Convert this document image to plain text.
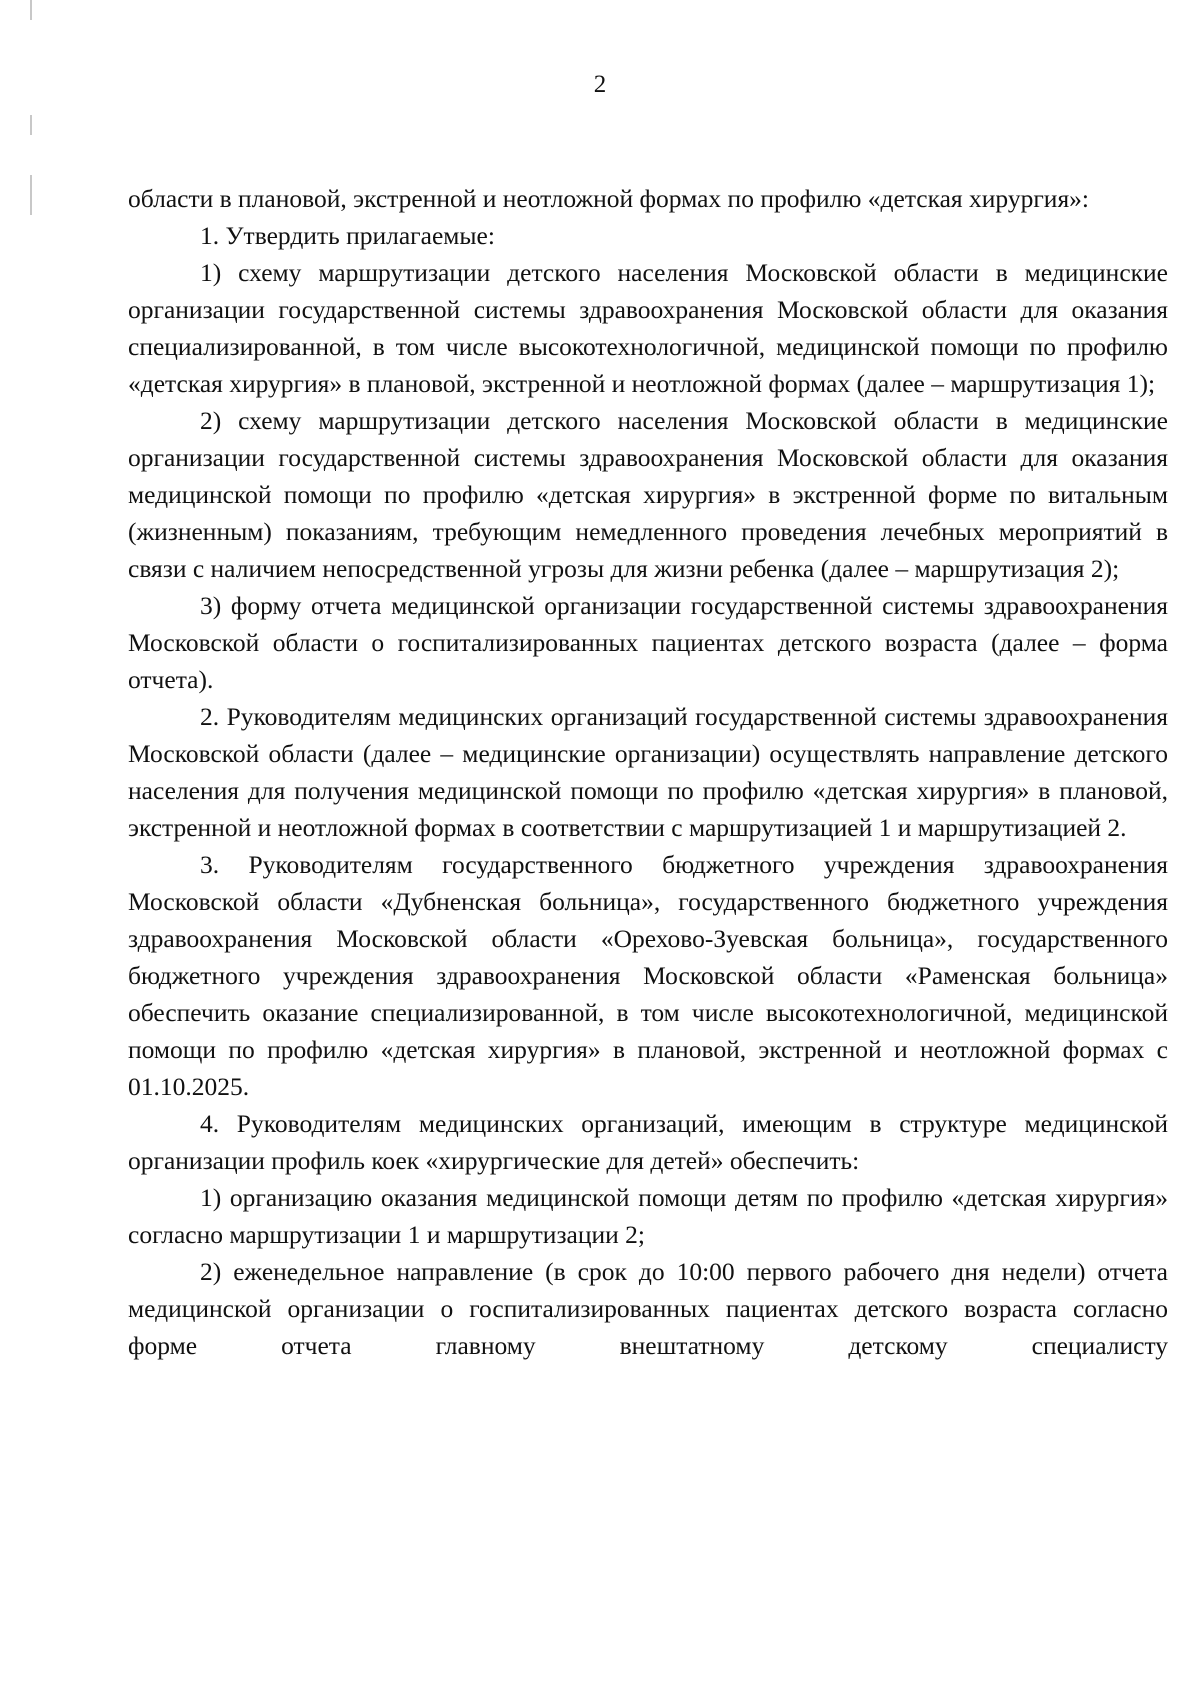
2

области в плановой, экстренной и неотложной формах по профилю «детская хирургия»:

1. Утвердить прилагаемые:

1) схему маршрутизации детского населения Московской области в медицинские организации государственной системы здравоохранения Московской области для оказания специализированной, в том числе высокотехнологичной, медицинской помощи по профилю «детская хирургия» в плановой, экстренной и неотложной формах (далее – маршрутизация 1);

2) схему маршрутизации детского населения Московской области в медицинские организации государственной системы здравоохранения Московской области для оказания медицинской помощи по профилю «детская хирургия» в экстренной форме по витальным (жизненным) показаниям, требующим немедленного проведения лечебных мероприятий в связи с наличием непосредственной угрозы для жизни ребенка (далее – маршрутизация 2);

3) форму отчета медицинской организации государственной системы здравоохранения Московской области о госпитализированных пациентах детского возраста (далее – форма отчета).

2. Руководителям медицинских организаций государственной системы здравоохранения Московской области (далее – медицинские организации) осуществлять направление детского населения для получения медицинской помощи по профилю «детская хирургия» в плановой, экстренной и неотложной формах в соответствии с маршрутизацией 1 и маршрутизацией 2.

3. Руководителям государственного бюджетного учреждения здравоохранения Московской области «Дубненская больница», государственного бюджетного учреждения здравоохранения Московской области «Орехово-Зуевская больница», государственного бюджетного учреждения здравоохранения Московской области «Раменская больница» обеспечить оказание специализированной, в том числе высокотехнологичной, медицинской помощи по профилю «детская хирургия» в плановой, экстренной и неотложной формах с 01.10.2025.

4. Руководителям медицинских организаций, имеющим в структуре медицинской организации профиль коек «хирургические для детей» обеспечить:

1) организацию оказания медицинской помощи детям по профилю «детская хирургия» согласно маршрутизации 1 и маршрутизации 2;

2) еженедельное направление (в срок до 10:00 первого рабочего дня недели) отчета медицинской организации о госпитализированных пациентах детского возраста согласно форме отчета главному внештатному детскому специалисту
